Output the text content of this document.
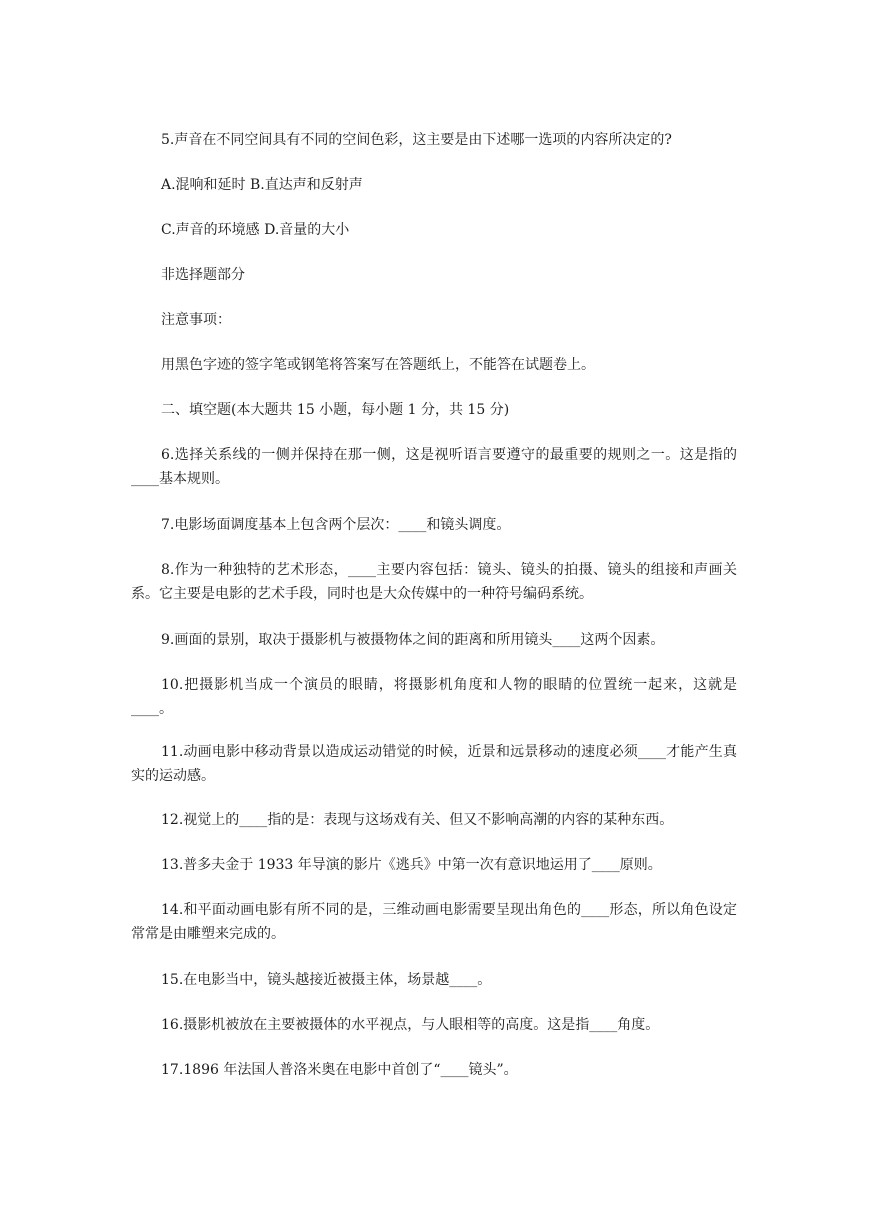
5.声音在不同空间具有不同的空间色彩，这主要是由下述哪一选项的内容所决定的?

A.混响和延时 B.直达声和反射声

C.声音的环境感 D.音量的大小

非选择题部分

注意事项：

用黑色字迹的签字笔或钢笔将答案写在答题纸上，不能答在试题卷上。

二、填空题(本大题共 15 小题，每小题 1 分，共 15 分)

6.选择关系线的一侧并保持在那一侧，这是视听语言要遵守的最重要的规则之一。这是指的____基本规则。

7.电影场面调度基本上包含两个层次：____和镜头调度。

8.作为一种独特的艺术形态，____主要内容包括：镜头、镜头的拍摄、镜头的组接和声画关系。它主要是电影的艺术手段，同时也是大众传媒中的一种符号编码系统。

9.画面的景别，取决于摄影机与被摄物体之间的距离和所用镜头____这两个因素。

10.把摄影机当成一个演员的眼睛，将摄影机角度和人物的眼睛的位置统一起来，这就是____。

11.动画电影中移动背景以造成运动错觉的时候，近景和远景移动的速度必须____才能产生真实的运动感。

12.视觉上的____指的是：表现与这场戏有关、但又不影响高潮的内容的某种东西。

13.普多夫金于 1933 年导演的影片《逃兵》中第一次有意识地运用了____原则。

14.和平面动画电影有所不同的是，三维动画电影需要呈现出角色的____形态，所以角色设定常常是由雕塑来完成的。

15.在电影当中，镜头越接近被摄主体，场景越____。

16.摄影机被放在主要被摄体的水平视点，与人眼相等的高度。这是指____角度。

17.1896 年法国人普洛米奥在电影中首创了“____镜头”。
